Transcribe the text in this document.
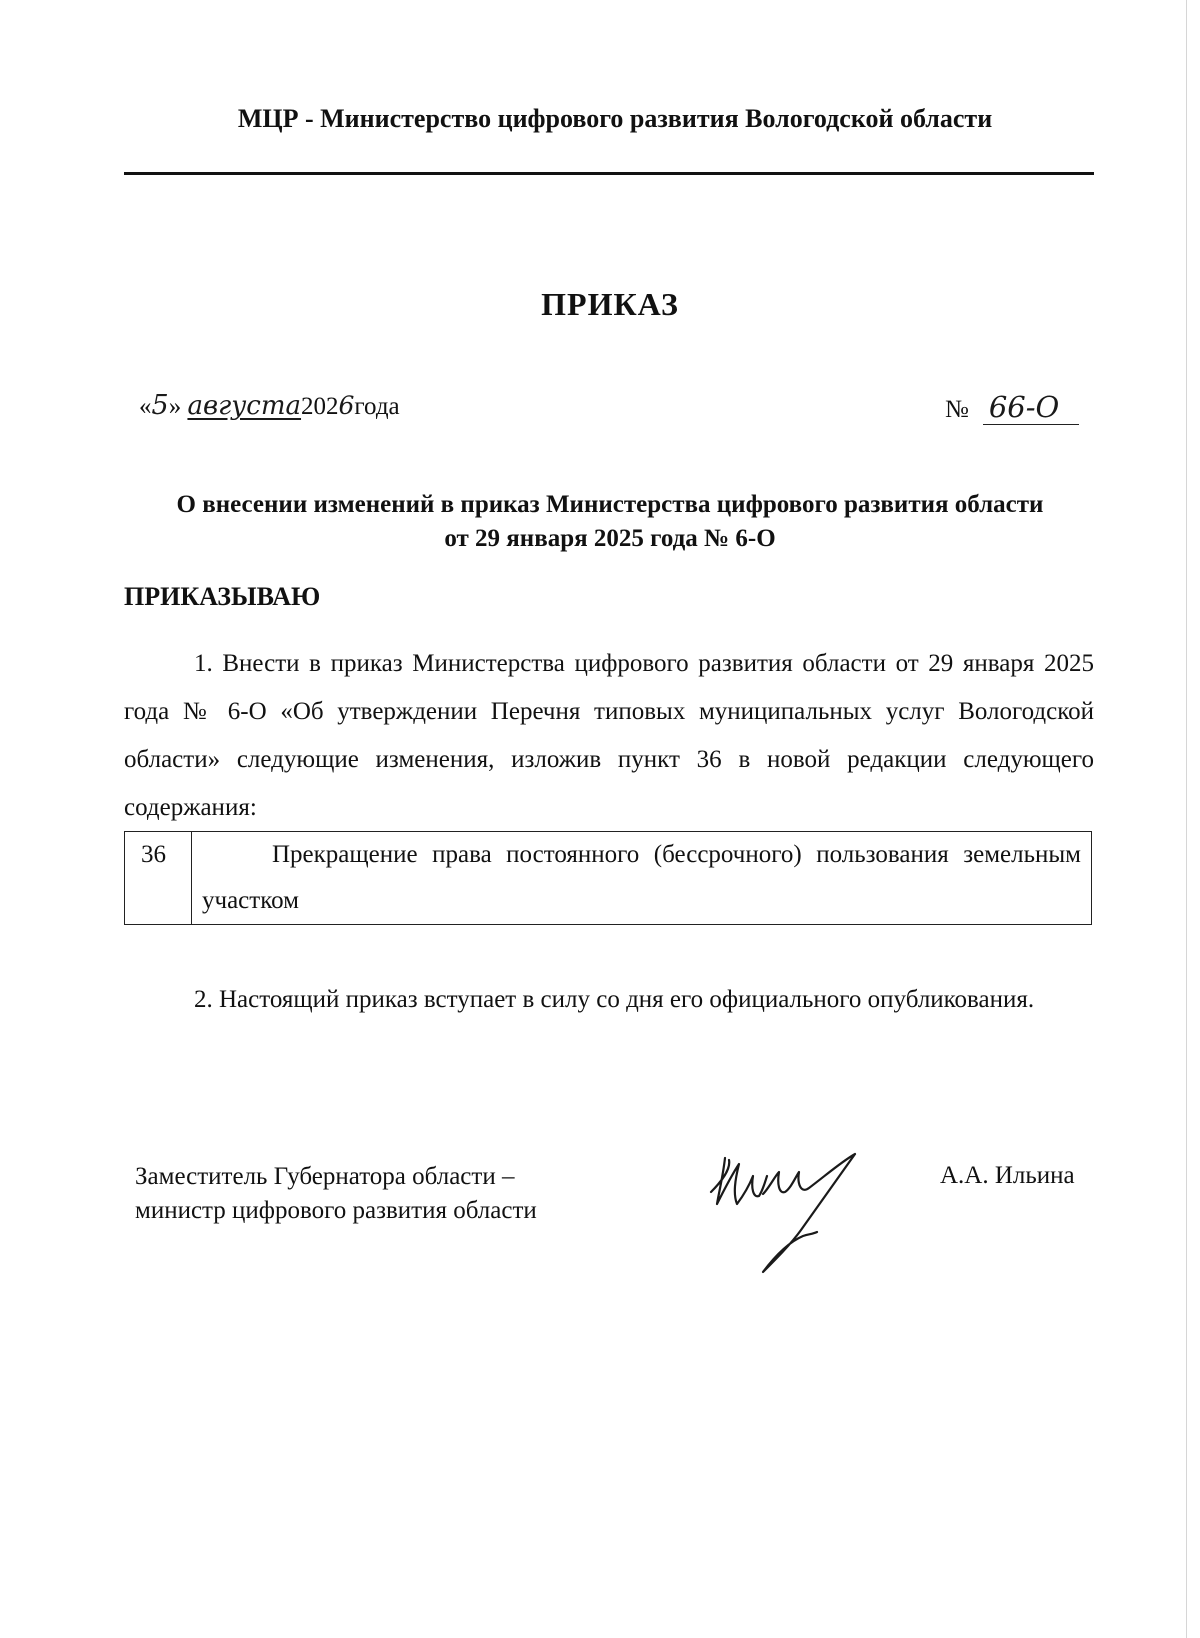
МЦР - Министерство цифрового развития Вологодской области
ПРИКАЗ
«5» августа2026года	№ 66-О
О внесении изменений в приказ Министерства цифрового развития области
от 29 января 2025 года № 6-О
ПРИКАЗЫВАЮ
1. Внести в приказ Министерства цифрового развития области от 29 января 2025 года № 6-О «Об утверждении Перечня типовых муниципальных услуг Вологодской области» следующие изменения, изложив пункт 36 в новой редакции следующего содержания:
36	Прекращение права постоянного (бессрочного) пользования земельным участком
2. Настоящий приказ вступает в силу со дня его официального опубликования.
Заместитель Губернатора области –
министр цифрового развития области
А.А. Ильина
